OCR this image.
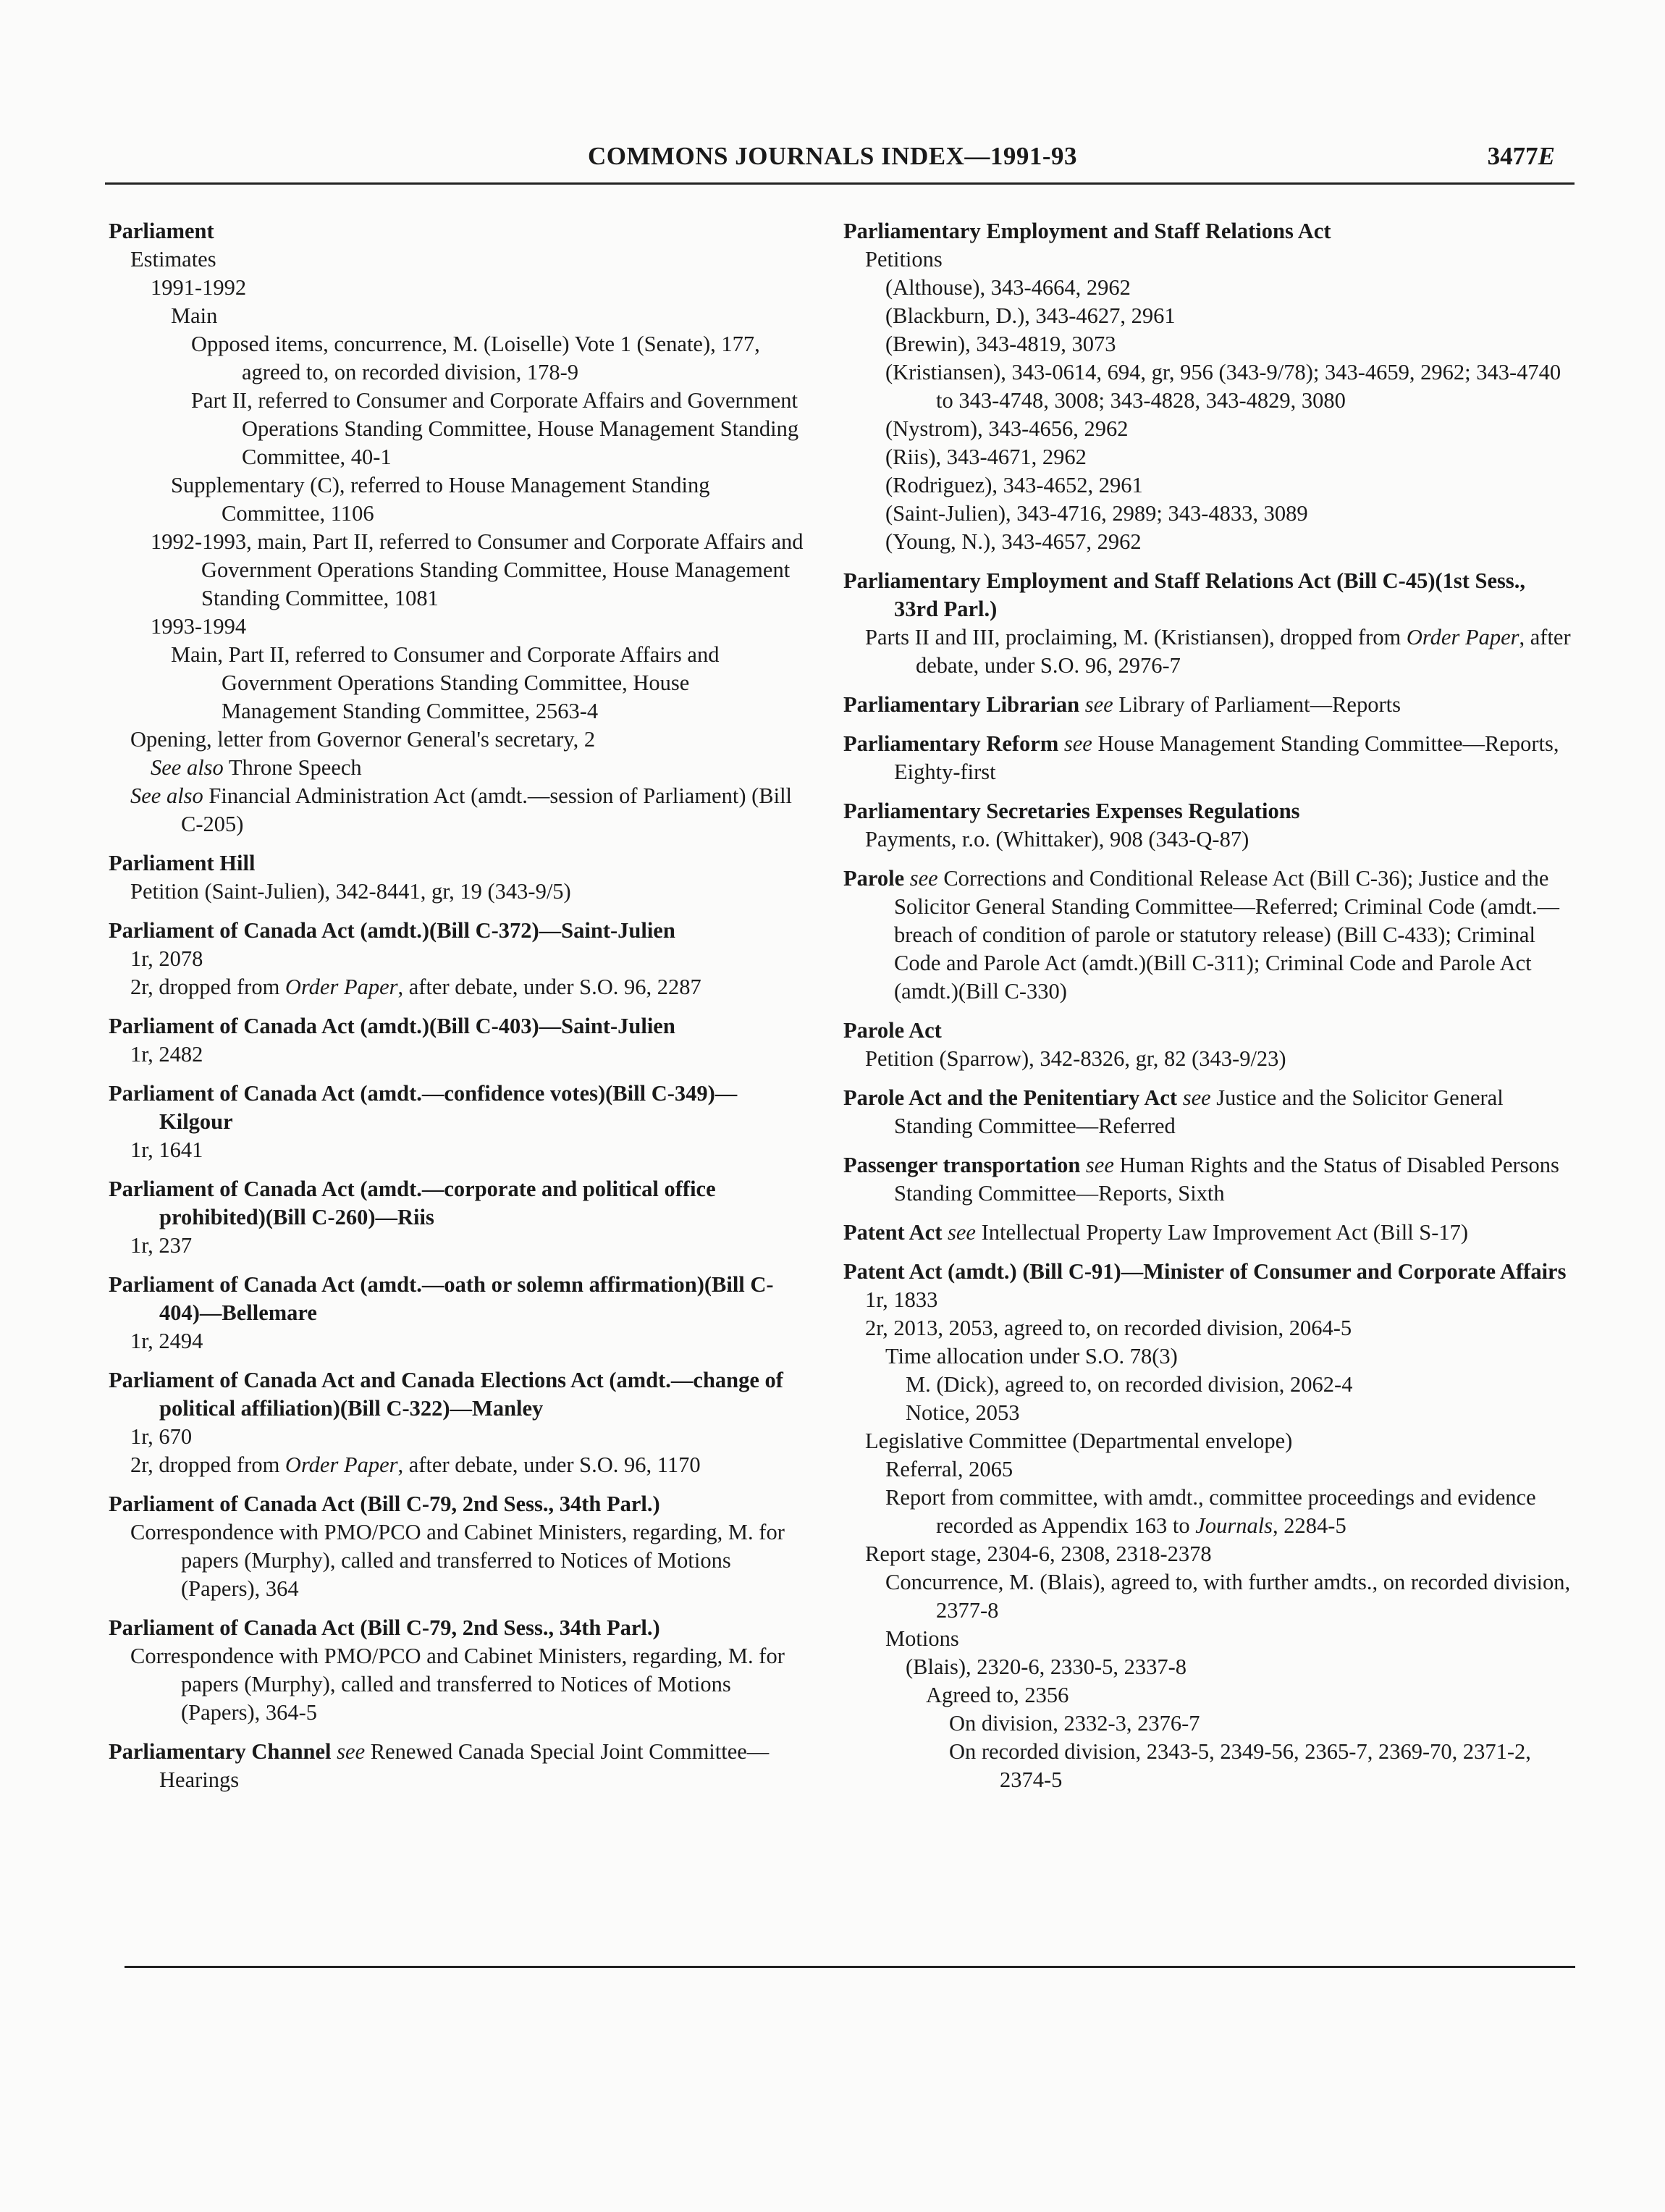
COMMONS JOURNALS INDEX—1991-93	3477E
Parliament
Estimates
1991-1992
Main
Opposed items, concurrence, M. (Loiselle) Vote 1 (Senate), 177, agreed to, on recorded division, 178-9
Part II, referred to Consumer and Corporate Affairs and Government Operations Standing Committee, House Management Standing Committee, 40-1
Supplementary (C), referred to House Management Standing Committee, 1106
1992-1993, main, Part II, referred to Consumer and Corporate Affairs and Government Operations Standing Committee, House Management Standing Committee, 1081
1993-1994
Main, Part II, referred to Consumer and Corporate Affairs and Government Operations Standing Committee, House Management Standing Committee, 2563-4
Opening, letter from Governor General's secretary, 2
See also Throne Speech
See also Financial Administration Act (amdt.—session of Parliament) (Bill C-205)
Parliament Hill
Petition (Saint-Julien), 342-8441, gr, 19 (343-9/5)
Parliament of Canada Act (amdt.)(Bill C-372)—Saint-Julien
1r, 2078
2r, dropped from Order Paper, after debate, under S.O. 96, 2287
Parliament of Canada Act (amdt.)(Bill C-403)—Saint-Julien
1r, 2482
Parliament of Canada Act (amdt.—confidence votes)(Bill C-349)—Kilgour
1r, 1641
Parliament of Canada Act (amdt.—corporate and political office prohibited)(Bill C-260)—Riis
1r, 237
Parliament of Canada Act (amdt.—oath or solemn affirmation)(Bill C-404)—Bellemare
1r, 2494
Parliament of Canada Act and Canada Elections Act (amdt.—change of political affiliation)(Bill C-322)—Manley
1r, 670
2r, dropped from Order Paper, after debate, under S.O. 96, 1170
Parliament of Canada Act (Bill C-79, 2nd Sess., 34th Parl.)
Correspondence with PMO/PCO and Cabinet Ministers, regarding, M. for papers (Murphy), called and transferred to Notices of Motions (Papers), 364
Parliament of Canada Act (Bill C-79, 2nd Sess., 34th Parl.)
Correspondence with PMO/PCO and Cabinet Ministers, regarding, M. for papers (Murphy), called and transferred to Notices of Motions (Papers), 364-5
Parliamentary Channel see Renewed Canada Special Joint Committee—Hearings
Parliamentary Employment and Staff Relations Act
Petitions
(Althouse), 343-4664, 2962
(Blackburn, D.), 343-4627, 2961
(Brewin), 343-4819, 3073
(Kristiansen), 343-0614, 694, gr, 956 (343-9/78); 343-4659, 2962; 343-4740 to 343-4748, 3008; 343-4828, 343-4829, 3080
(Nystrom), 343-4656, 2962
(Riis), 343-4671, 2962
(Rodriguez), 343-4652, 2961
(Saint-Julien), 343-4716, 2989; 343-4833, 3089
(Young, N.), 343-4657, 2962
Parliamentary Employment and Staff Relations Act (Bill C-45)(1st Sess., 33rd Parl.)
Parts II and III, proclaiming, M. (Kristiansen), dropped from Order Paper, after debate, under S.O. 96, 2976-7
Parliamentary Librarian see Library of Parliament—Reports
Parliamentary Reform see House Management Standing Committee—Reports, Eighty-first
Parliamentary Secretaries Expenses Regulations
Payments, r.o. (Whittaker), 908 (343-Q-87)
Parole see Corrections and Conditional Release Act (Bill C-36); Justice and the Solicitor General Standing Committee—Referred; Criminal Code (amdt.—breach of condition of parole or statutory release) (Bill C-433); Criminal Code and Parole Act (amdt.)(Bill C-311); Criminal Code and Parole Act (amdt.)(Bill C-330)
Parole Act
Petition (Sparrow), 342-8326, gr, 82 (343-9/23)
Parole Act and the Penitentiary Act see Justice and the Solicitor General Standing Committee—Referred
Passenger transportation see Human Rights and the Status of Disabled Persons Standing Committee—Reports, Sixth
Patent Act see Intellectual Property Law Improvement Act (Bill S-17)
Patent Act (amdt.) (Bill C-91)—Minister of Consumer and Corporate Affairs
1r, 1833
2r, 2013, 2053, agreed to, on recorded division, 2064-5
Time allocation under S.O. 78(3)
M. (Dick), agreed to, on recorded division, 2062-4
Notice, 2053
Legislative Committee (Departmental envelope)
Referral, 2065
Report from committee, with amdt., committee proceedings and evidence recorded as Appendix 163 to Journals, 2284-5
Report stage, 2304-6, 2308, 2318-2378
Concurrence, M. (Blais), agreed to, with further amdts., on recorded division, 2377-8
Motions
(Blais), 2320-6, 2330-5, 2337-8
Agreed to, 2356
On division, 2332-3, 2376-7
On recorded division, 2343-5, 2349-56, 2365-7, 2369-70, 2371-2, 2374-5
